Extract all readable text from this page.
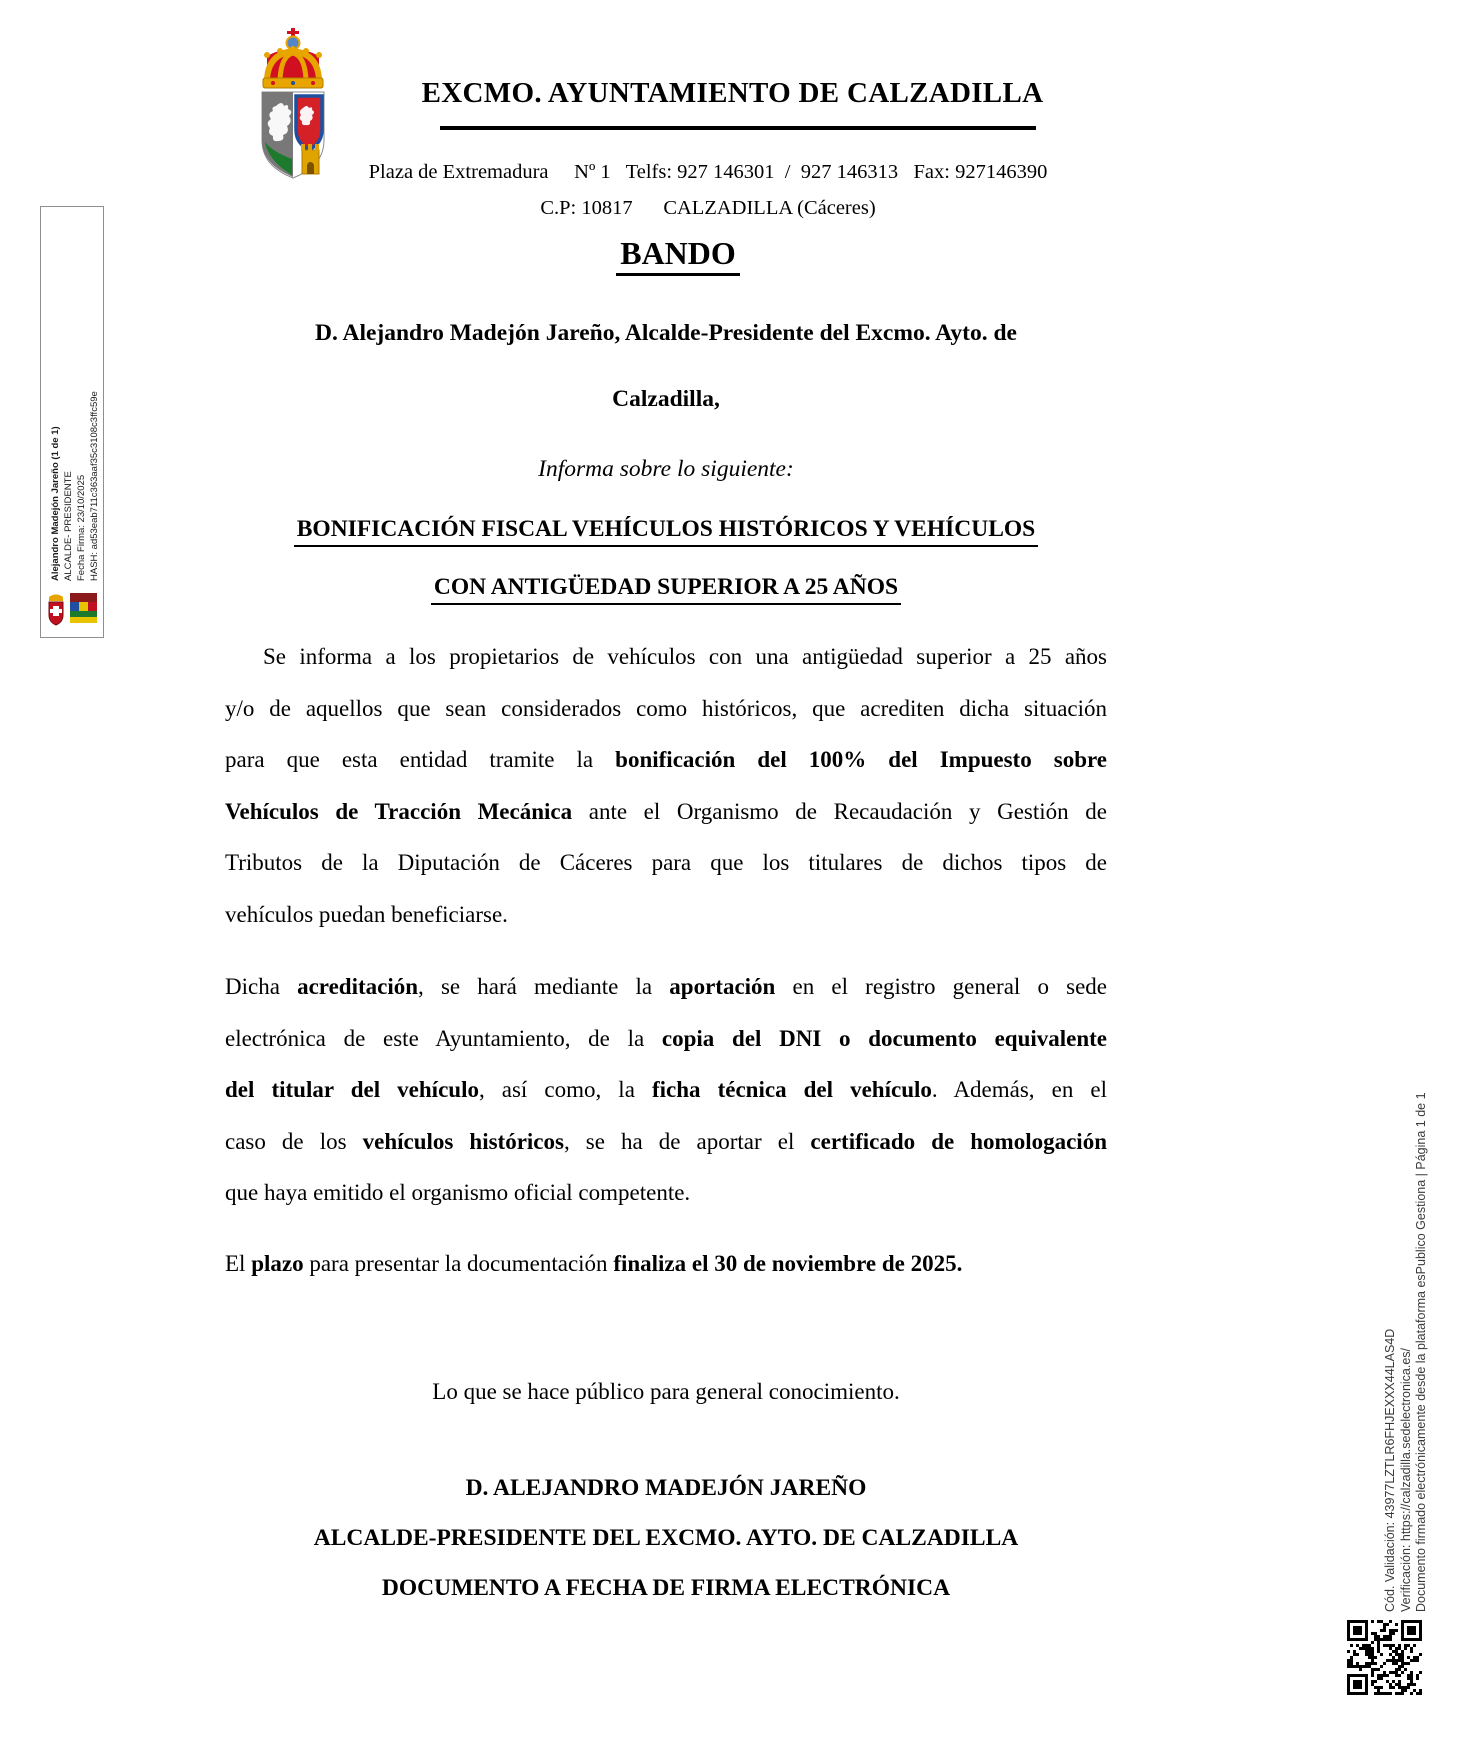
EXCMO. AYUNTAMIENTO DE CALZADILLA
Plaza de Extremadura     Nº 1   Telfs: 927 146301  /  927 146313   Fax: 927146390
C.P: 10817      CALZADILLA (Cáceres)
BANDO
D. Alejandro Madejón Jareño, Alcalde-Presidente del Excmo. Ayto. de
Calzadilla,
Informa sobre lo siguiente:
BONIFICACIÓN FISCAL VEHÍCULOS HISTÓRICOS Y VEHÍCULOS
CON ANTIGÜEDAD SUPERIOR A 25 AÑOS
Se informa a los propietarios de vehículos con una antigüedad superior a 25 años
y/o de aquellos que sean considerados como históricos, que acrediten dicha situación
para que esta entidad tramite la bonificación del 100% del Impuesto sobre
Vehículos de Tracción Mecánica ante el Organismo de Recaudación y Gestión de
Tributos de la Diputación de Cáceres para que los titulares de dichos tipos de
vehículos puedan beneficiarse.
Dicha acreditación, se hará mediante la aportación en el registro general o sede
electrónica de este Ayuntamiento, de la copia del DNI o documento equivalente
del titular del vehículo, así como, la ficha técnica del vehículo. Además, en el
caso de los vehículos históricos, se ha de aportar el certificado de homologación
que haya emitido el organismo oficial competente.
El plazo para presentar la documentación finaliza el 30 de noviembre de 2025.
Lo que se hace público para general conocimiento.
D. ALEJANDRO MADEJÓN JAREÑO
ALCALDE-PRESIDENTE DEL EXCMO. AYTO. DE CALZADILLA
DOCUMENTO A FECHA DE FIRMA ELECTRÓNICA
Alejandro Madejón Jareño (1 de 1) ALCALDE- PRESIDENTE Fecha Firma: 23/10/2025 HASH: ad53eab711c363aaf35c3108c3ffc59e
Cód. Validación: 43977LZTLR6FHJEXXX44LAS4D Verificación: https://calzadilla.sedelectronica.es/ Documento firmado electrónicamente desde la plataforma esPublico Gestiona | Página 1 de 1
